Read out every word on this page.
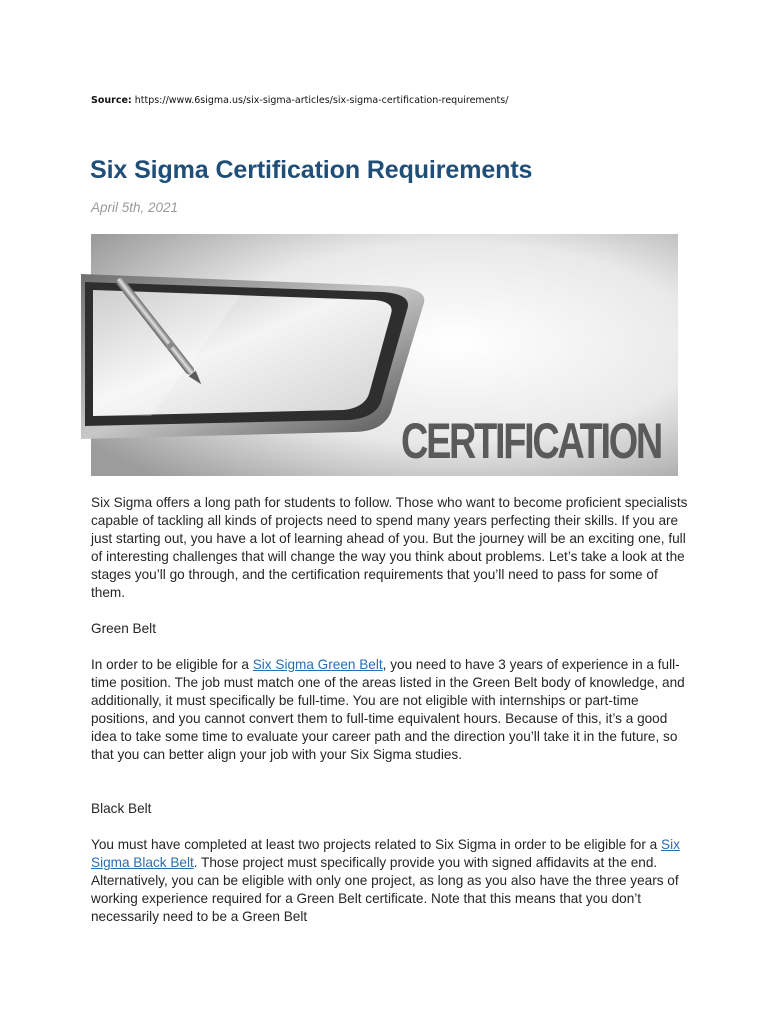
Source: https://www.6sigma.us/six-sigma-articles/six-sigma-certification-requirements/
Six Sigma Certification Requirements
April 5th, 2021
CERTIFICATION

Six Sigma offers a long path for students to follow. Those who want to become proficient specialists capable of tackling all kinds of projects need to spend many years perfecting their skills. If you are just starting out, you have a lot of learning ahead of you. But the journey will be an exciting one, full of interesting challenges that will change the way you think about problems. Let’s take a look at the stages you’ll go through, and the certification requirements that you’ll need to pass for some of them.

Green Belt

In order to be eligible for a Six Sigma Green Belt, you need to have 3 years of experience in a full-time position. The job must match one of the areas listed in the Green Belt body of knowledge, and additionally, it must specifically be full-time. You are not eligible with internships or part-time positions, and you cannot convert them to full-time equivalent hours. Because of this, it’s a good idea to take some time to evaluate your career path and the direction you’ll take it in the future, so that you can better align your job with your Six Sigma studies.

Black Belt

You must have completed at least two projects related to Six Sigma in order to be eligible for a Six Sigma Black Belt. Those project must specifically provide you with signed affidavits at the end. Alternatively, you can be eligible with only one project, as long as you also have the three years of working experience required for a Green Belt certificate. Note that this means that you don’t necessarily need to be a Green Belt
